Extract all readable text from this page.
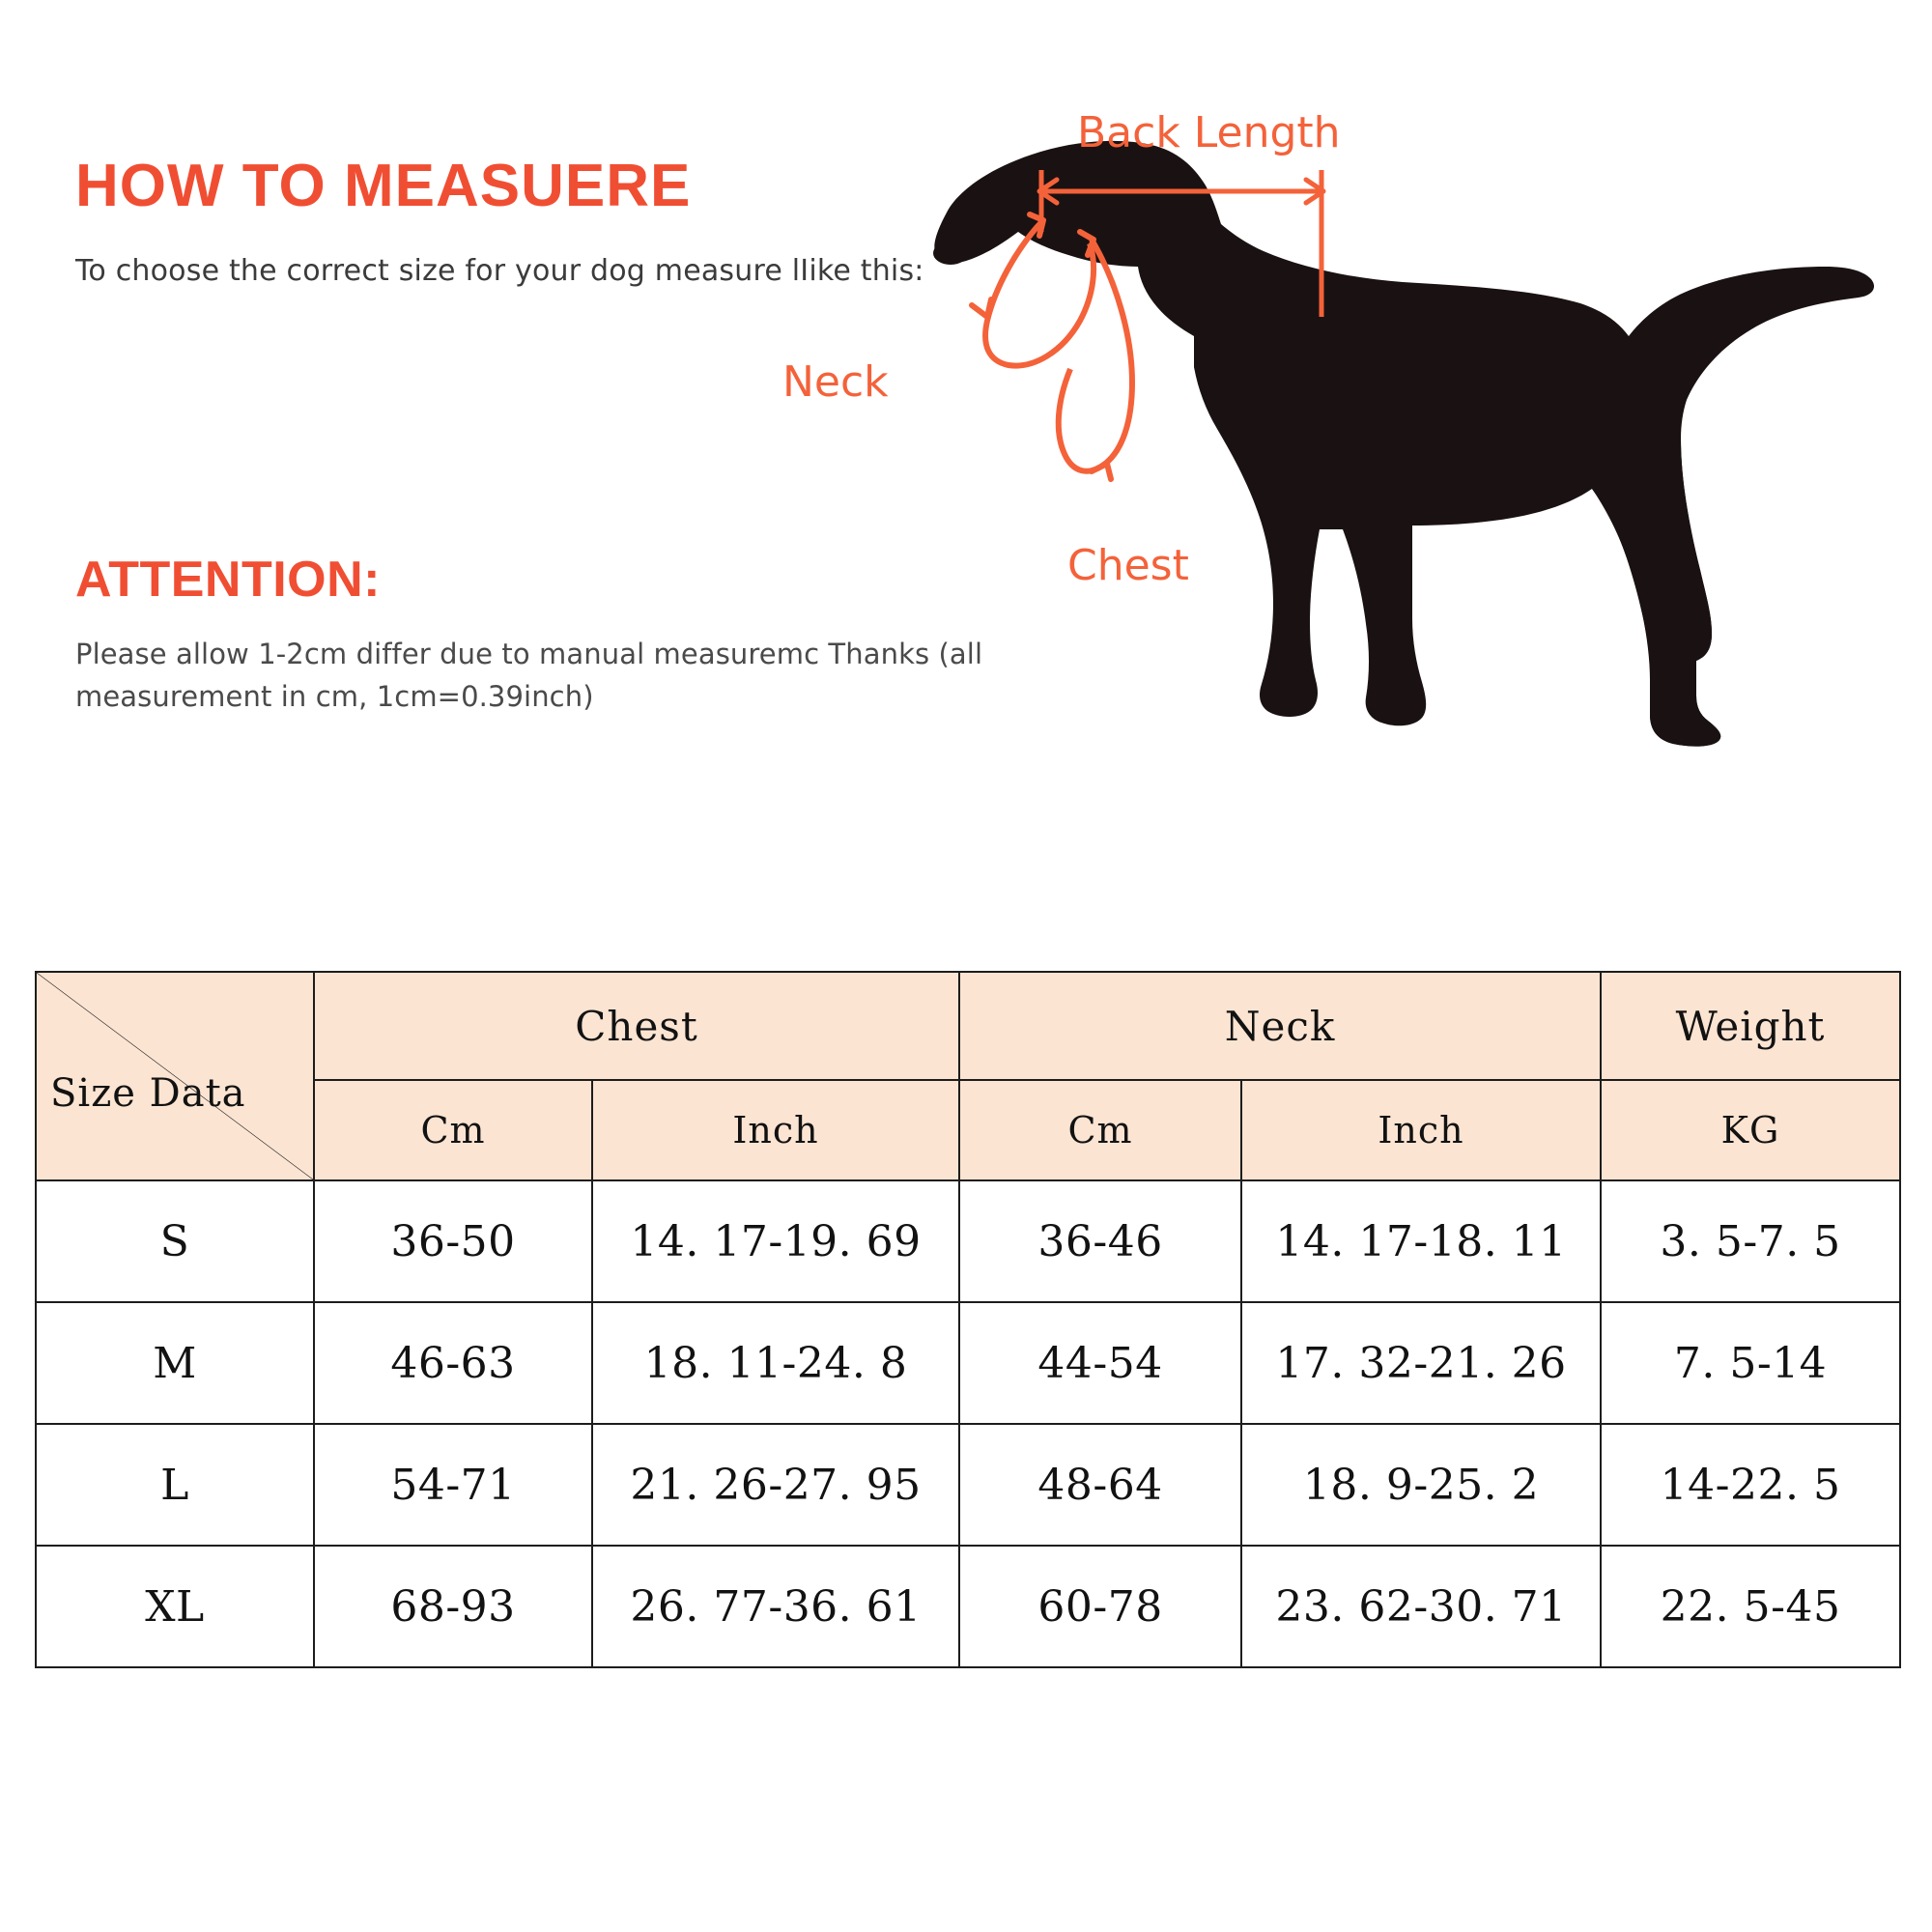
HOW TO MEASUERE

To choose the correct size for your dog measure lIike this:

ATTENTION:

Please allow 1-2cm differ due to manual measuremc Thanks (all measurement in cm, 1cm=0.39inch)

Back Length
Neck
Chest
Size Data	Chest		Neck		Weight
	Cm	Inch	Cm	Inch	KG
S	36-50	14. 17-19. 69	36-46	14. 17-18. 11	3. 5-7. 5
M	46-63	18. 11-24. 8	44-54	17. 32-21. 26	7. 5-14
L	54-71	21. 26-27. 95	48-64	18. 9-25. 2	14-22. 5
XL	68-93	26. 77-36. 61	60-78	23. 62-30. 71	22. 5-45
